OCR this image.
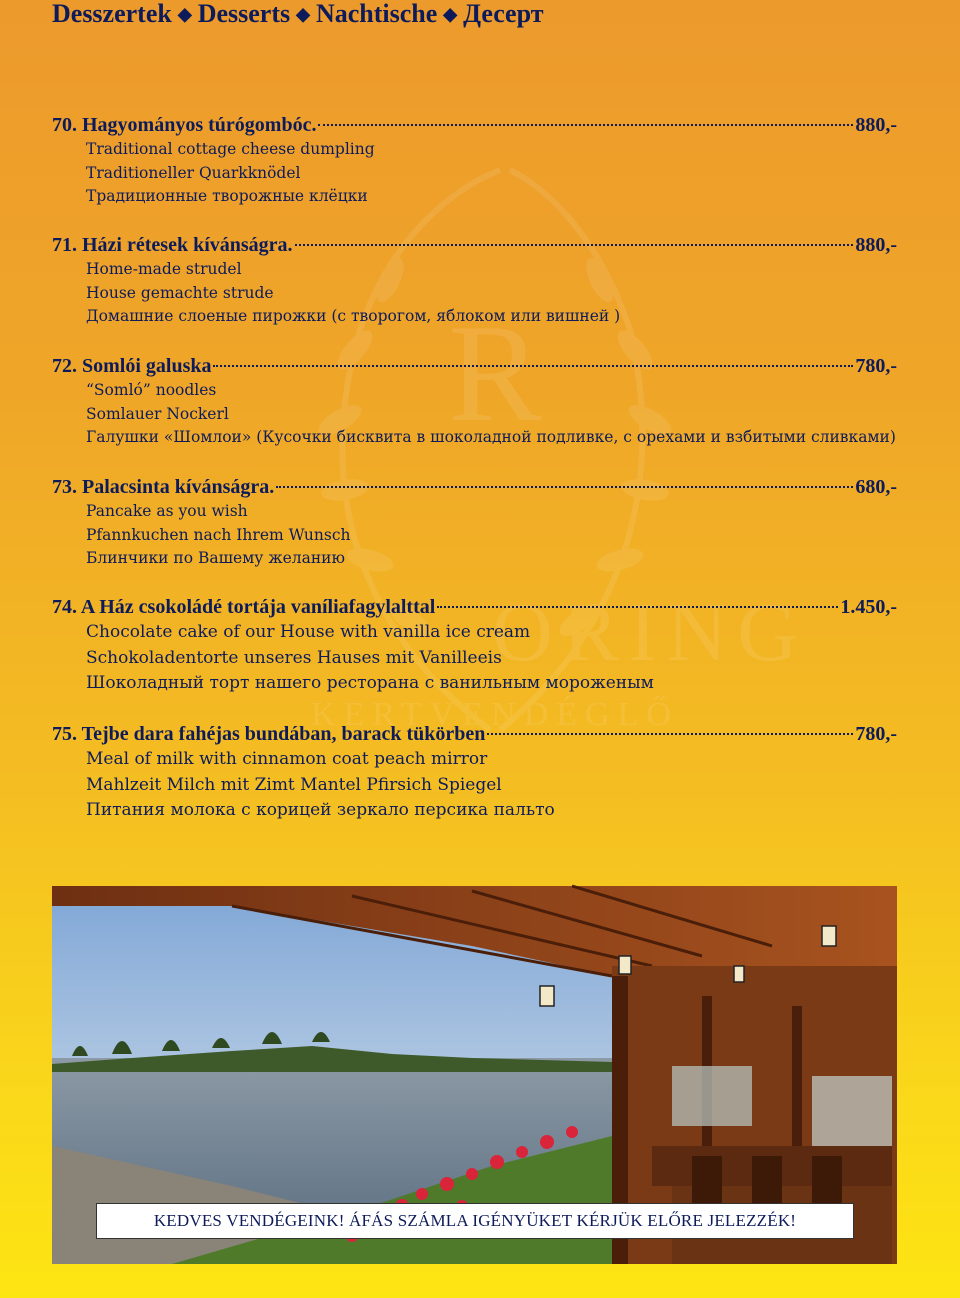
Desszertek ◆ Desserts ◆ Nachtische ◆ Десерт
R
ORING
KERTVENDÉGLŐ
70. Hagyományos túrógombóc.	880,-
Traditional cottage cheese dumpling
Traditioneller Quarkknödel
Традиционные творожные клёцки
71. Házi rétesek kívánságra.	880,-
Home-made strudel
House gemachte strude
Домашние слоеные пирожки (с творогом, яблоком или вишней )
72. Somlói galuska	780,-
“Somló” noodles
Somlauer Nockerl
Галушки «Шомлои» (Кусочки бисквита в шоколадной подливке, с орехами и взбитыми сливками)
73. Palacsinta kívánságra.	680,-
Pancake as you wish
Pfannkuchen nach Ihrem Wunsch
Блинчики по Вашему желанию
74. A Ház csokoládé tortája vaníliafagylalttal	1.450,-
Chocolate cake of our House with vanilla ice cream
Schokoladentorte unseres Hauses mit Vanilleeis
Шоколадный торт нашего ресторана с ванильным мороженым
75. Tejbe dara fahéjas bundában, barack tükörben	780,-
Meal of milk with cinnamon coat peach mirror
Mahlzeit Milch mit Zimt Mantel Pfirsich Spiegel
Питания молока с корицей зеркало персика пальто
KEDVES VENDÉGEINK! ÁFÁS SZÁMLA IGÉNYÜKET KÉRJÜK ELŐRE JELEZZÉK!
